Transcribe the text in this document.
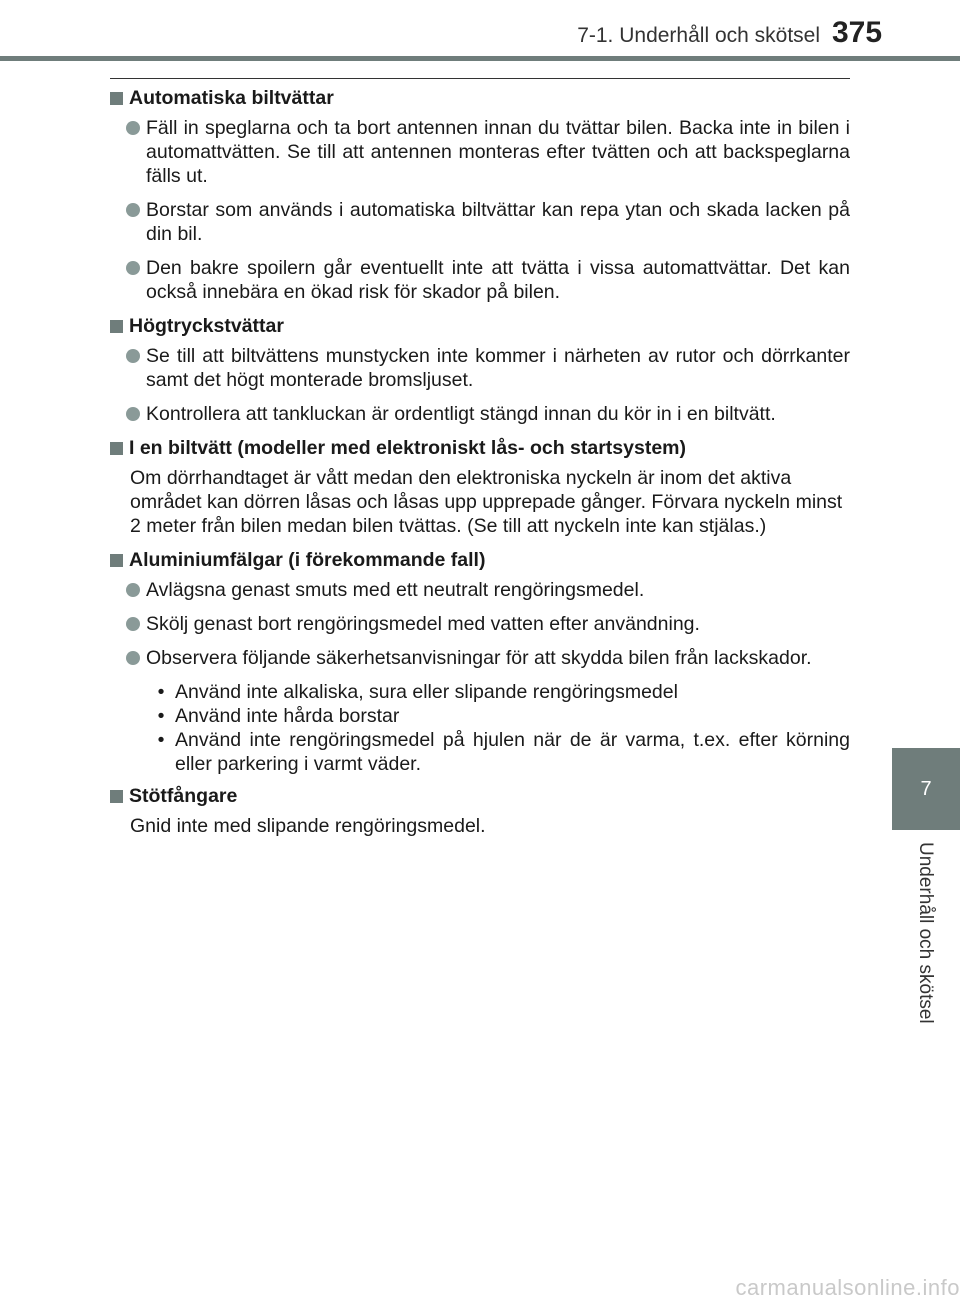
7-1. Underhåll och skötsel 375
7
Underhåll och skötsel
Automatiska biltvättar
Fäll in speglarna och ta bort antennen innan du tvättar bilen. Backa inte in bilen i automattvätten. Se till att antennen monteras efter tvätten och att backspeglarna fälls ut.
Borstar som används i automatiska biltvättar kan repa ytan och skada lacken på din bil.
Den bakre spoilern går eventuellt inte att tvätta i vissa automattvättar. Det kan också innebära en ökad risk för skador på bilen.
Högtryckstvättar
Se till att biltvättens munstycken inte kommer i närheten av rutor och dörrkanter samt det högt monterade bromsljuset.
Kontrollera att tankluckan är ordentligt stängd innan du kör in i en biltvätt.
I en biltvätt (modeller med elektroniskt lås- och startsystem)
Om dörrhandtaget är vått medan den elektroniska nyckeln är inom det aktiva området kan dörren låsas och låsas upp upprepade gånger. Förvara nyckeln minst 2 meter från bilen medan bilen tvättas. (Se till att nyckeln inte kan stjälas.)
Aluminiumfälgar (i förekommande fall)
Avlägsna genast smuts med ett neutralt rengöringsmedel.
Skölj genast bort rengöringsmedel med vatten efter användning.
Observera följande säkerhetsanvisningar för att skydda bilen från lackskador.
• Använd inte alkaliska, sura eller slipande rengöringsmedel
• Använd inte hårda borstar
• Använd inte rengöringsmedel på hjulen när de är varma, t.ex. efter körning eller parkering i varmt väder.
Stötfångare
Gnid inte med slipande rengöringsmedel.
carmanualsonline.info
